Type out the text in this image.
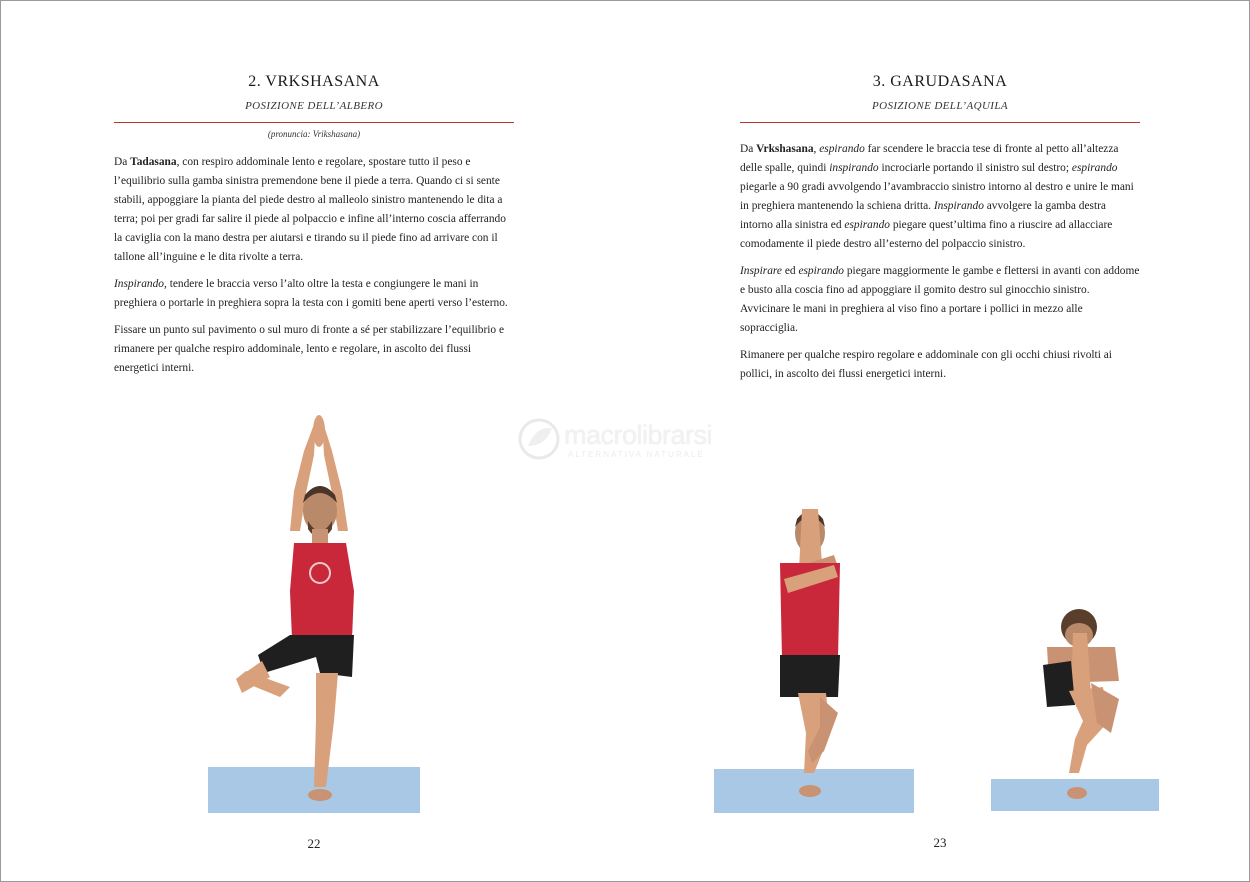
2. VRKSHASANA
POSIZIONE DELL’ALBERO
(pronuncia: Vrikshasana)

Da Tadasana, con respiro addominale lento e regolare, spostare tutto il peso e l’equilibrio sulla gamba sinistra premendone bene il piede a terra. Quando ci si sente stabili, appoggiare la pianta del piede destro al malleolo sinistro mantenendo le dita a terra; poi per gradi far salire il piede al polpaccio e infine all’interno coscia afferrando la caviglia con la mano destra per aiutarsi e tirando su il piede fino ad arrivare con il tallone all’inguine e le dita rivolte a terra.

Inspirando, tendere le braccia verso l’alto oltre la testa e congiungere le mani in preghiera o portarle in preghiera sopra la testa con i gomiti bene aperti verso l’esterno.

Fissare un punto sul pavimento o sul muro di fronte a sé per stabilizzare l’equilibrio e rimanere per qualche respiro addominale, lento e regolare, in ascolto dei flussi energetici interni.

22
macrolibrarsi
ALTERNATIVA NATURALE
3. GARUDASANA
POSIZIONE DELL’AQUILA

Da Vrkshasana, espirando far scendere le braccia tese di fronte al petto all’altezza delle spalle, quindi inspirando incrociarle portando il sinistro sul destro; espirando piegarle a 90 gradi avvolgendo l’avambraccio sinistro intorno al destro e unire le mani in preghiera mantenendo la schiena dritta. Inspirando avvolgere la gamba destra intorno alla sinistra ed espirando piegare quest’ultima fino a riuscire ad allacciare comodamente il piede destro all’esterno del polpaccio sinistro.

Inspirare ed espirando piegare maggiormente le gambe e flettersi in avanti con addome e busto alla coscia fino ad appoggiare il gomito destro sul ginocchio sinistro. Avvicinare le mani in preghiera al viso fino a portare i pollici in mezzo alle sopracciglia.

Rimanere per qualche respiro regolare e addominale con gli occhi chiusi rivolti ai pollici, in ascolto dei flussi energetici interni.

23
